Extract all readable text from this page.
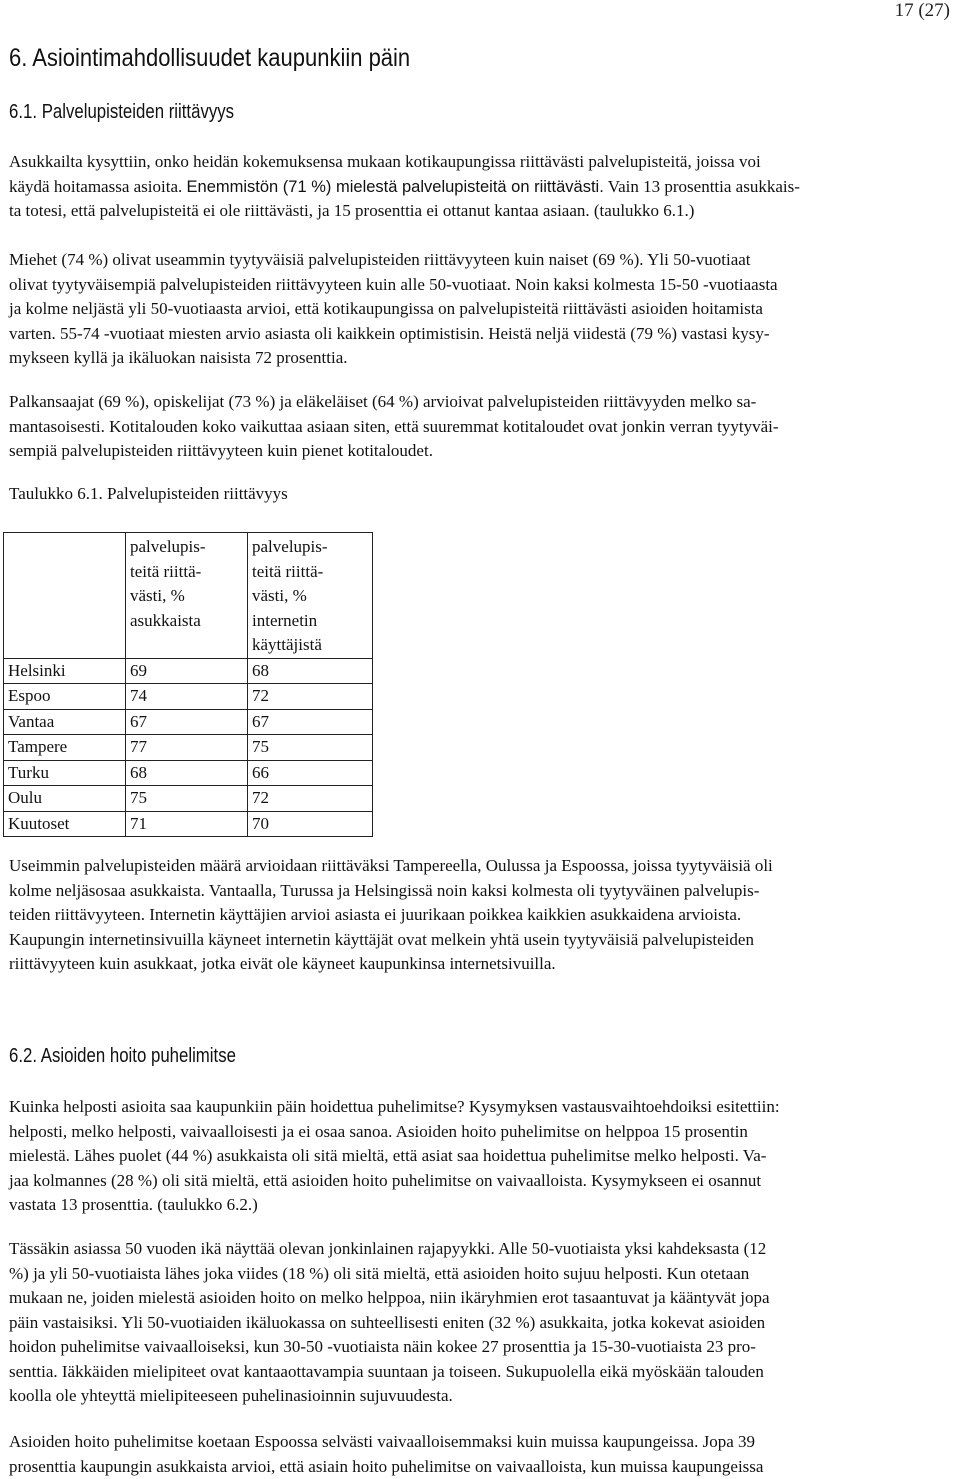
17 (27)
6. Asiointimahdollisuudet kaupunkiin päin
6.1. Palvelupisteiden riittävyys
Asukkailta kysyttiin, onko heidän kokemuksensa mukaan kotikaupungissa riittävästi palvelupisteitä, joissa voi
käydä hoitamassa asioita. Enemmistön (71 %) mielestä palvelupisteitä on riittävästi. Vain 13 prosenttia asukkais-
ta totesi, että palvelupisteitä ei ole riittävästi, ja 15 prosenttia ei ottanut kantaa asiaan. (taulukko 6.1.)
Miehet (74 %) olivat useammin tyytyväisiä palvelupisteiden riittävyyteen kuin naiset (69 %). Yli 50-vuotiaat
olivat tyytyväisempiä palvelupisteiden riittävyyteen kuin alle 50-vuotiaat. Noin kaksi kolmesta 15-50 -vuotiaasta
ja kolme neljästä yli 50-vuotiaasta arvioi, että kotikaupungissa on palvelupisteitä riittävästi asioiden hoitamista
varten. 55-74 -vuotiaat miesten arvio asiasta oli kaikkein optimistisin. Heistä neljä viidestä (79 %) vastasi kysy-
mykseen kyllä ja ikäluokan naisista 72 prosenttia.
Palkansaajat (69 %), opiskelijat (73 %) ja eläkeläiset (64 %) arvioivat palvelupisteiden riittävyyden melko sa-
mantasoisesti. Kotitalouden koko vaikuttaa asiaan siten, että suuremmat kotitaloudet ovat jonkin verran tyytyväi-
sempiä palvelupisteiden riittävyyteen kuin pienet kotitaloudet.

Taulukko 6.1. Palvelupisteiden riittävyys

	palvelupis-
teitä riittä-
västi, %
asukkaista	palvelupis-
teitä riittä-
västi, %
internetin
käyttäjistä

Helsinki	69	68
Espoo	74	72
Vantaa	67	67
Tampere	77	75
Turku	68	66
Oulu	75	72
Kuutoset	71	70
Useimmin palvelupisteiden määrä arvioidaan riittäväksi Tampereella, Oulussa ja Espoossa, joissa tyytyväisiä oli
kolme neljäsosaa asukkaista. Vantaalla, Turussa ja Helsingissä noin kaksi kolmesta oli tyytyväinen palvelupis-
teiden riittävyyteen. Internetin käyttäjien arvioi asiasta ei juurikaan poikkea kaikkien asukkaidena arvioista.
Kaupungin internetinsivuilla käyneet internetin käyttäjät ovat melkein yhtä usein tyytyväisiä palvelupisteiden
riittävyyteen kuin asukkaat, jotka eivät ole käyneet kaupunkinsa internetsivuilla.
6.2. Asioiden hoito puhelimitse
Kuinka helposti asioita saa kaupunkiin päin hoidettua puhelimitse? Kysymyksen vastausvaihtoehdoiksi esitettiin:
helposti, melko helposti, vaivaalloisesti ja ei osaa sanoa. Asioiden hoito puhelimitse on helppoa 15 prosentin
mielestä. Lähes puolet (44 %) asukkaista oli sitä mieltä, että asiat saa hoidettua puhelimitse melko helposti. Va-
jaa kolmannes (28 %) oli sitä mieltä, että asioiden hoito puhelimitse on vaivaalloista. Kysymykseen ei osannut
vastata 13 prosenttia. (taulukko 6.2.)
Tässäkin asiassa 50 vuoden ikä näyttää olevan jonkinlainen rajapyykki. Alle 50-vuotiaista yksi kahdeksasta (12
%) ja yli 50-vuotiaista lähes joka viides (18 %) oli sitä mieltä, että asioiden hoito sujuu helposti. Kun otetaan
mukaan ne, joiden mielestä asioiden hoito on melko helppoa, niin ikäryhmien erot tasaantuvat ja kääntyvät jopa
päin vastaisiksi. Yli 50-vuotiaiden ikäluokassa on suhteellisesti eniten (32 %) asukkaita, jotka kokevat asioiden
hoidon puhelimitse vaivaalloiseksi, kun 30-50 -vuotiaista näin kokee 27 prosenttia ja 15-30-vuotiaista 23 pro-
senttia. Iäkkäiden mielipiteet ovat kantaaottavampia suuntaan ja toiseen. Sukupuolella eikä myöskään talouden
koolla ole yhteyttä mielipiteeseen puhelinasioinnin sujuvuudesta.
Asioiden hoito puhelimitse koetaan Espoossa selvästi vaivaalloisemmaksi kuin muissa kaupungeissa. Jopa 39
prosenttia kaupungin asukkaista arvioi, että asiain hoito puhelimitse on vaivaalloista, kun muissa kaupungeissa
